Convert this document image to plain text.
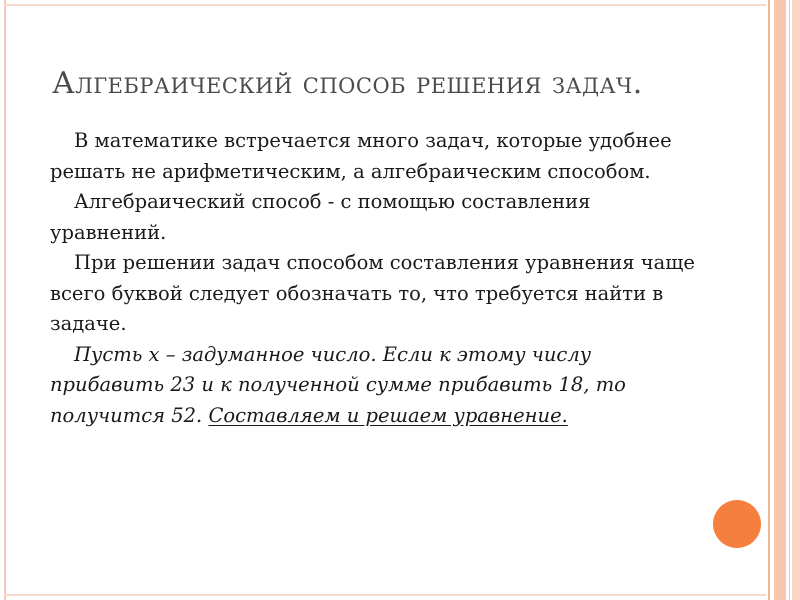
Алгебраический способ решения задач.

В математике встречается много задач, которые удобнее решать не арифметическим, а алгебраическим способом.

Алгебраический способ - с помощью составления уравнений.

При решении задач способом составления уравнения чаще всего буквой следует обозначать то, что требуется найти в задаче.

Пусть x – задуманное число. Если к этому числу прибавить 23 и к полученной сумме прибавить 18, то получится 52. Составляем и решаем уравнение.
